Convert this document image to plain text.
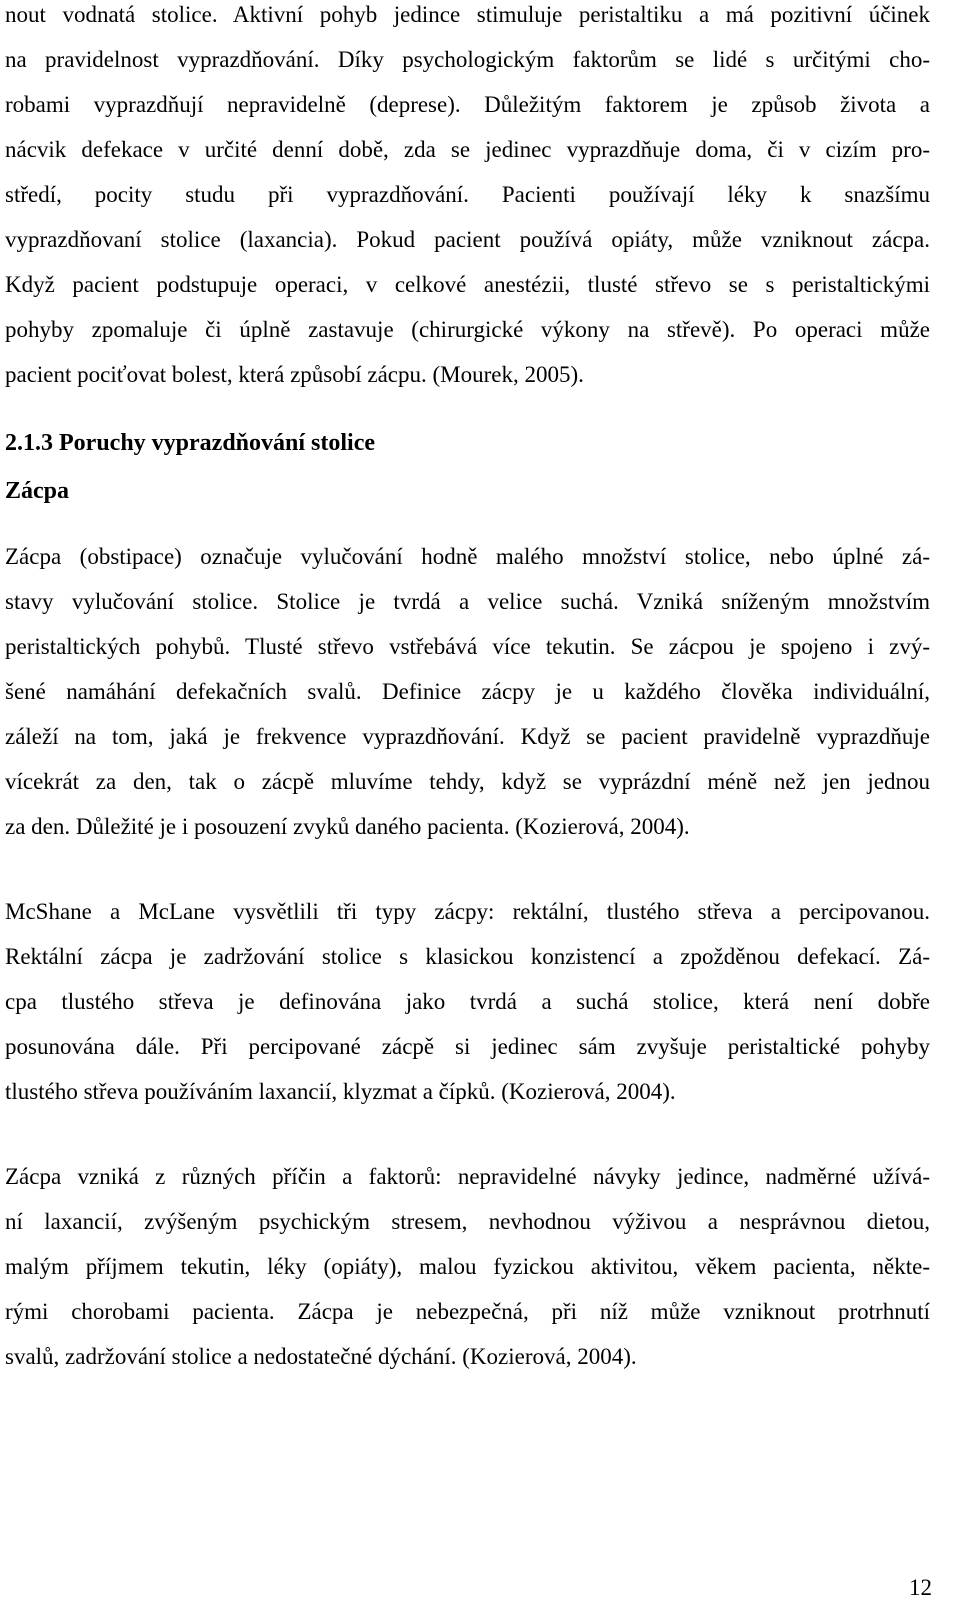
nout vodnatá stolice. Aktivní pohyb jedince stimuluje peristaltiku a má pozitivní účinek
na pravidelnost vyprazdňování. Díky psychologickým faktorům se lidé s určitými cho-
robami vyprazdňují nepravidelně (deprese). Důležitým faktorem je způsob života a
nácvik defekace v určité denní době, zda se jedinec vyprazdňuje doma, či v cizím pro-
středí, pocity studu při vyprazdňování. Pacienti používají léky k snazšímu
vyprazdňovaní stolice (laxancia). Pokud pacient používá opiáty, může vzniknout zácpa.
Když pacient podstupuje operaci, v celkové anestézii, tlusté střevo se s peristaltickými
pohyby zpomaluje či úplně zastavuje (chirurgické výkony na střevě). Po operaci může
pacient pociťovat bolest, která způsobí zácpu. (Mourek, 2005).
2.1.3 Poruchy vyprazdňování stolice
Zácpa
Zácpa (obstipace) označuje vylučování hodně malého množství stolice, nebo úplné zá-
stavy vylučování stolice. Stolice je tvrdá a velice suchá. Vzniká sníženým množstvím
peristaltických pohybů. Tlusté střevo vstřebává více tekutin. Se zácpou je spojeno i zvý-
šené namáhání defekačních svalů. Definice zácpy je u každého člověka individuální,
záleží na tom, jaká je frekvence vyprazdňování. Když se pacient pravidelně vyprazdňuje
vícekrát za den, tak o zácpě mluvíme tehdy, když se vyprázdní méně než jen jednou
za den. Důležité je i posouzení zvyků daného pacienta. (Kozierová, 2004).
McShane a McLane vysvětlili tři typy zácpy: rektální, tlustého střeva a percipovanou.
Rektální zácpa je zadržování stolice s klasickou konzistencí a zpožděnou defekací. Zá-
cpa tlustého střeva je definována jako tvrdá a suchá stolice, která není dobře
posunována dále. Při percipované zácpě si jedinec sám zvyšuje peristaltické pohyby
tlustého střeva používáním laxancií, klyzmat a čípků. (Kozierová, 2004).
Zácpa vzniká z různých příčin a faktorů: nepravidelné návyky jedince, nadměrné užívá-
ní laxancií, zvýšeným psychickým stresem, nevhodnou výživou a nesprávnou dietou,
malým příjmem tekutin, léky (opiáty), malou fyzickou aktivitou, věkem pacienta, někte-
rými chorobami pacienta. Zácpa je nebezpečná, při níž může vzniknout protrhnutí
svalů, zadržování stolice a nedostatečné dýchání. (Kozierová, 2004).
12
